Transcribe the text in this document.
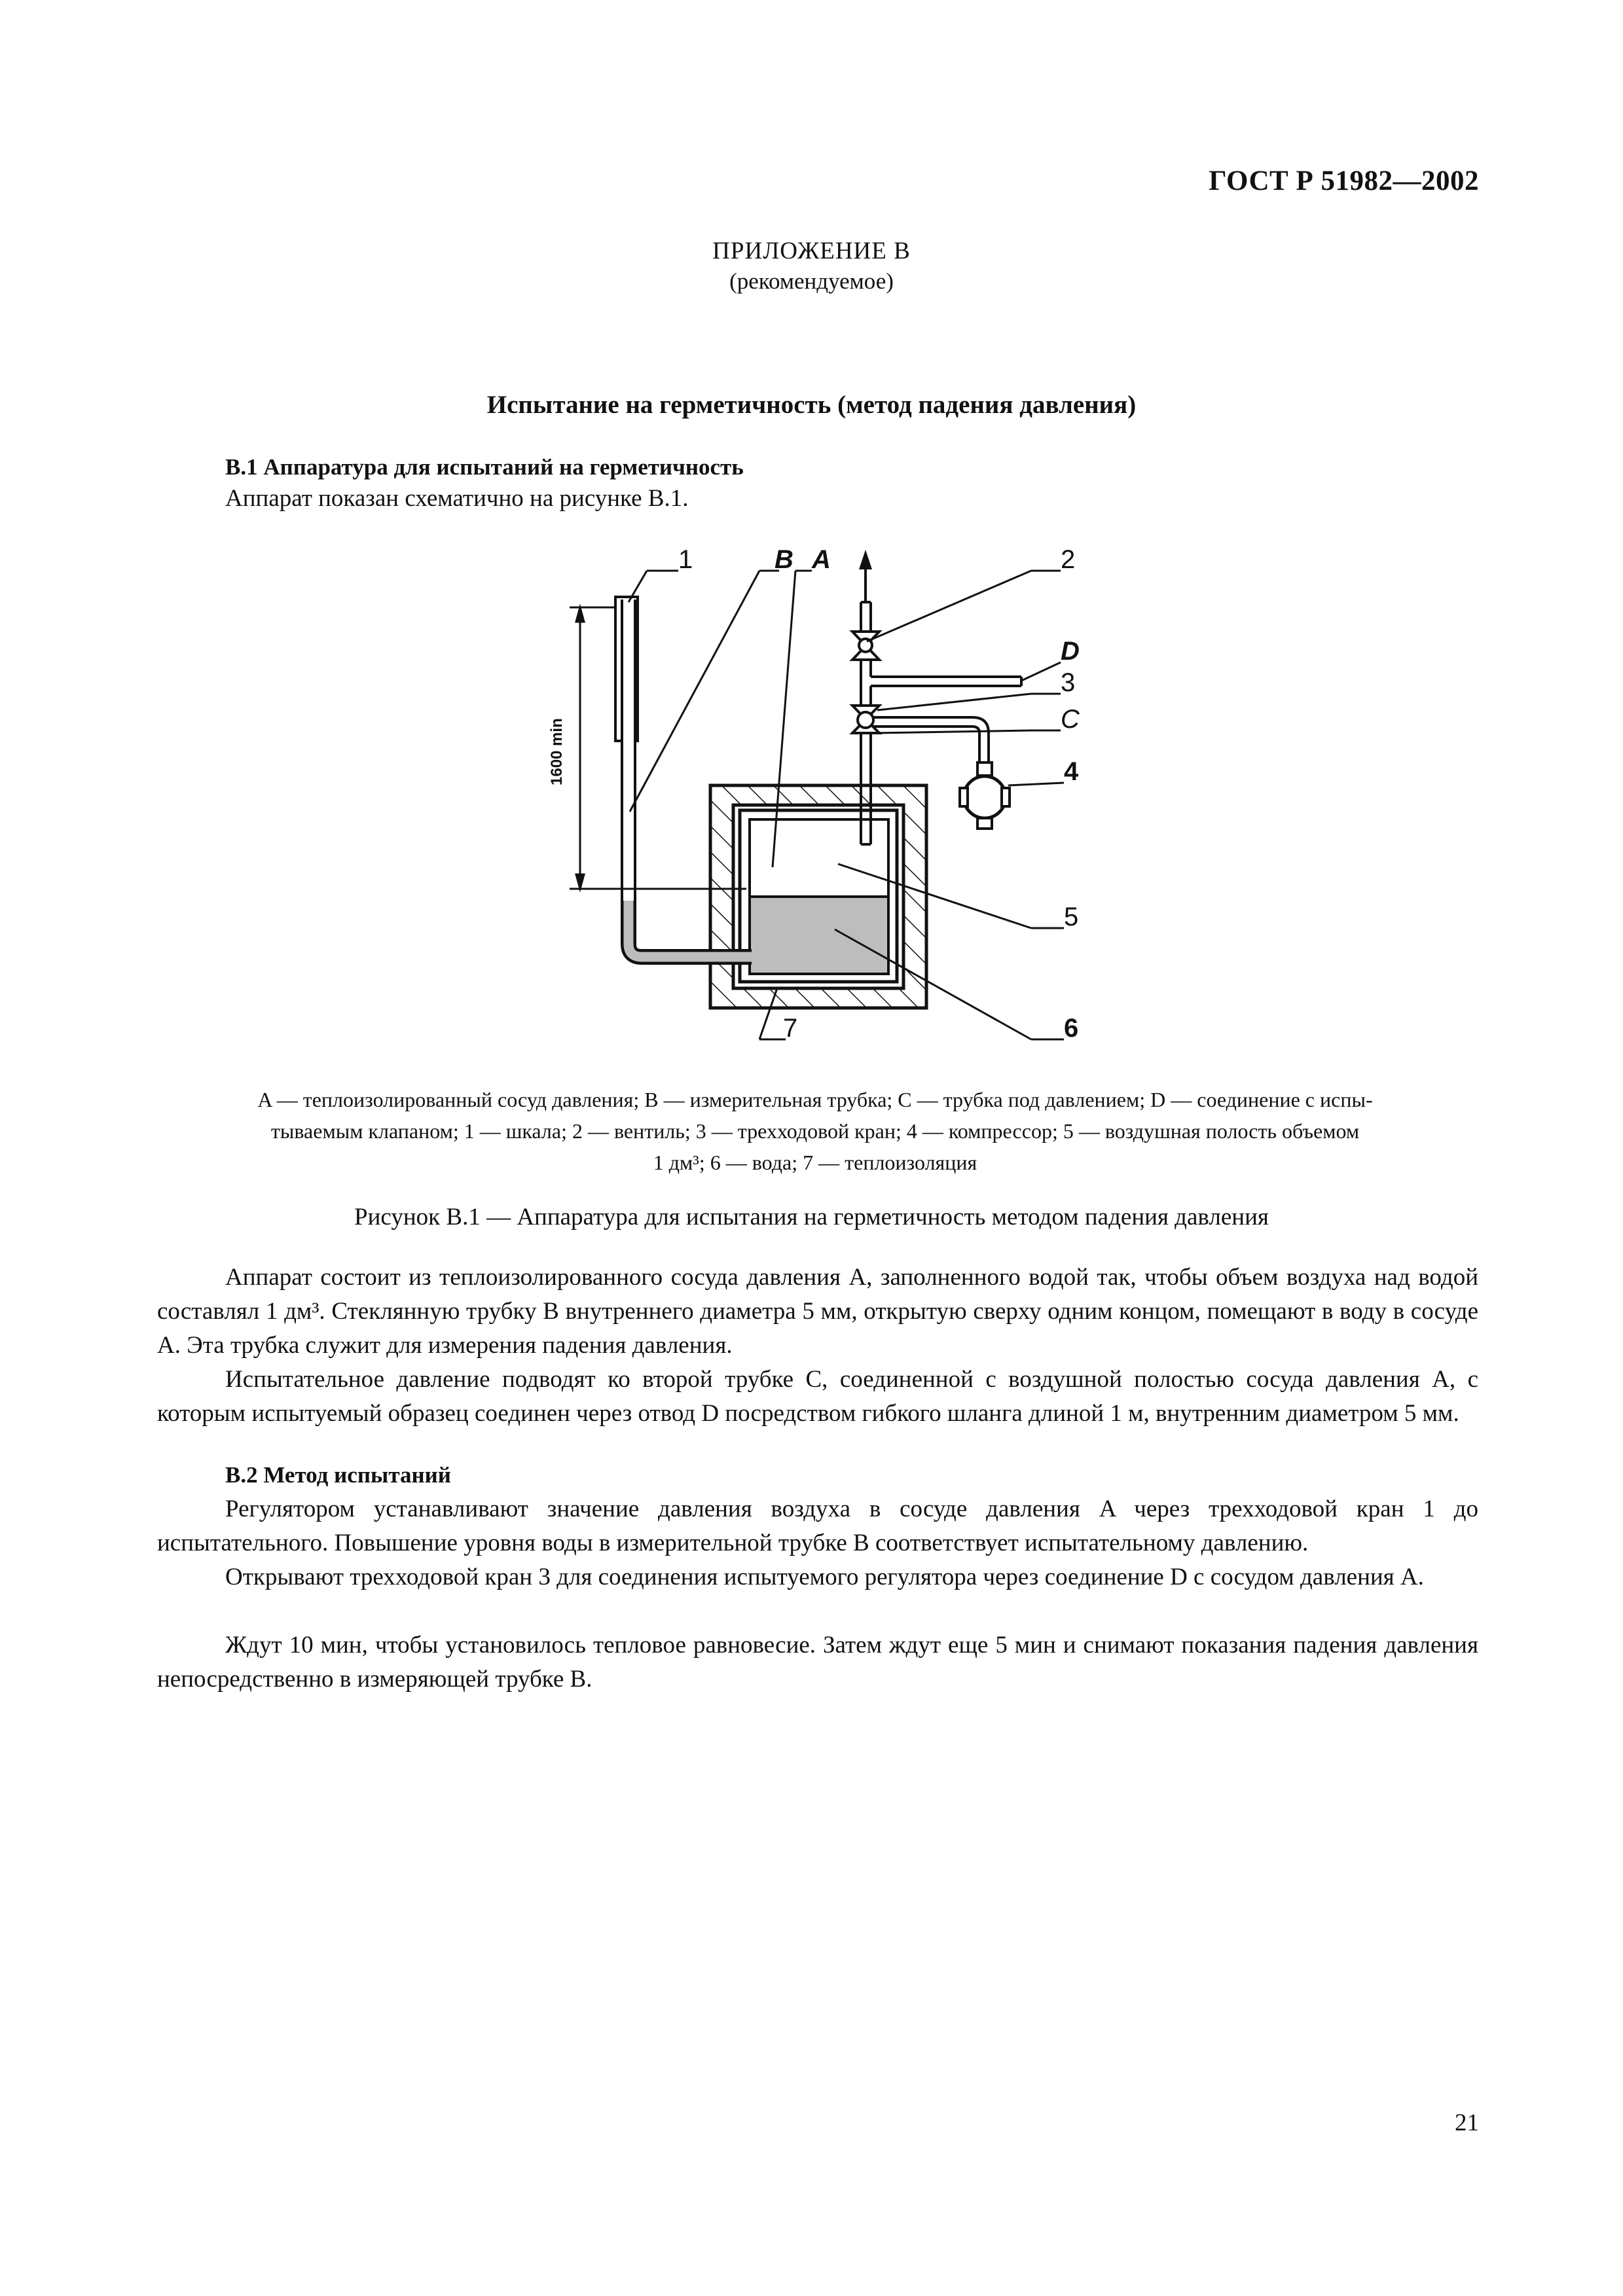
ГОСТ Р 51982—2002
ПРИЛОЖЕНИЕ В
(рекомендуемое)
Испытание на герметичность (метод падения давления)
В.1 Аппаратура для испытаний на герметичность
Аппарат показан схематично на рисунке В.1.
1600 min
1	B A	2
D
3
C
4
5
6
7
A — теплоизолированный сосуд давления; B — измерительная трубка; C — трубка под давлением; D — соединение с испы-
тываемым клапаном; 1 — шкала; 2 — вентиль; 3 — трехходовой кран; 4 — компрессор; 5 — воздушная полость объемом
1 дм³; 6 — вода; 7 — теплоизоляция
Рисунок В.1 — Аппаратура для испытания на герметичность методом падения давления
Аппарат состоит из теплоизолированного сосуда давления A, заполненного водой так, чтобы объем воздуха над водой составлял 1 дм³. Стеклянную трубку B внутреннего диаметра 5 мм, открытую сверху одним концом, помещают в воду в сосуде A. Эта трубка служит для измерения падения давления.
Испытательное давление подводят ко второй трубке C, соединенной с воздушной полостью сосуда давления A, с которым испытуемый образец соединен через отвод D посредством гибкого шланга длиной 1 м, внутренним диаметром 5 мм.
В.2 Метод испытаний
Регулятором устанавливают значение давления воздуха в сосуде давления A через трехходовой кран 1 до испытательного. Повышение уровня воды в измерительной трубке B соответствует испытательному давлению.
Открывают трехходовой кран 3 для соединения испытуемого регулятора через соединение D с сосудом давления A.
Ждут 10 мин, чтобы установилось тепловое равновесие. Затем ждут еще 5 мин и снимают показания падения давления непосредственно в измеряющей трубке B.
21
